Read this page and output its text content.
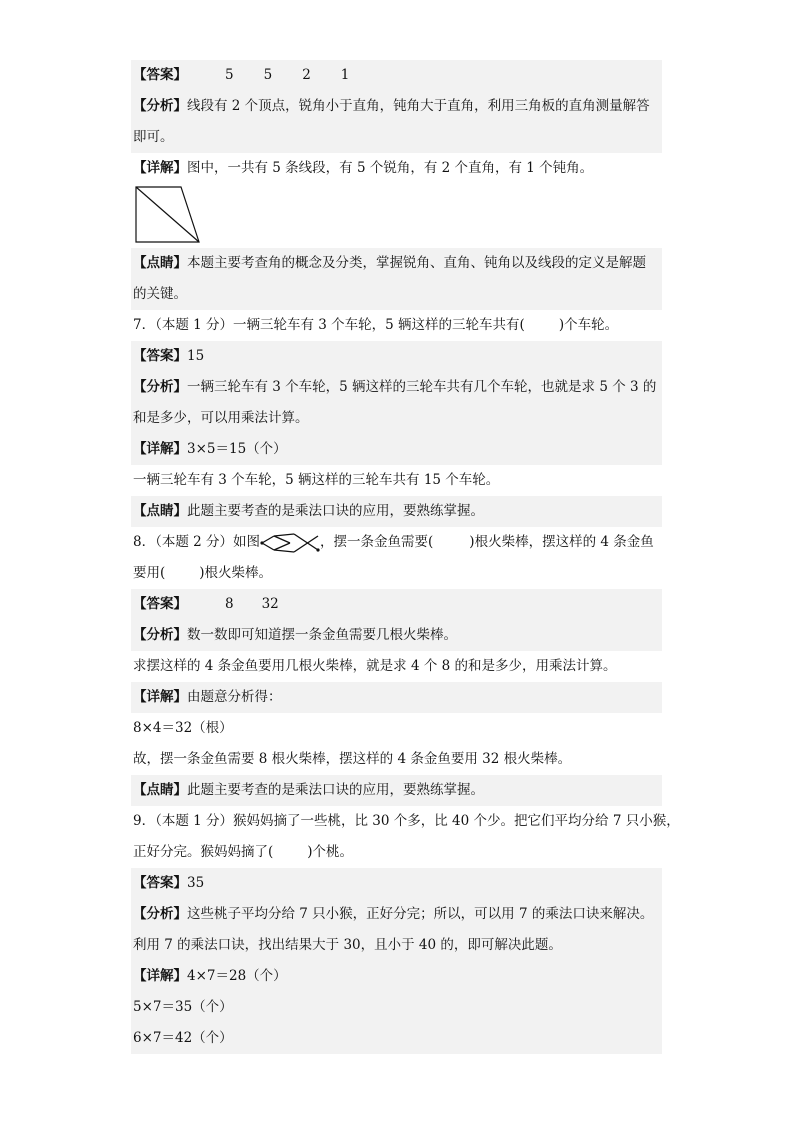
【答案】	5 5 2 1
【分析】线段有 2 个顶点，锐角小于直角，钝角大于直角，利用三角板的直角测量解答
即可。
【详解】图中，一共有 5 条线段，有 5 个锐角，有 2 个直角，有 1 个钝角。
【点睛】本题主要考查角的概念及分类，掌握锐角、直角、钝角以及线段的定义是解题
的关键。
7．（本题 1 分）一辆三轮车有 3 个车轮，5 辆这样的三轮车共有(	)个车轮。
【答案】15
【分析】一辆三轮车有 3 个车轮，5 辆这样的三轮车共有几个车轮，也就是求 5 个 3 的
和是多少，可以用乘法计算。
【详解】3×5＝15（个）
一辆三轮车有 3 个车轮，5 辆这样的三轮车共有 15 个车轮。
【点睛】此题主要考查的是乘法口诀的应用，要熟练掌握。
8．（本题 2 分）如图	，摆一条金鱼需要(	)根火柴棒，摆这样的 4 条金鱼
要用(	)根火柴棒。
【答案】	8 32
【分析】数一数即可知道摆一条金鱼需要几根火柴棒。
求摆这样的 4 条金鱼要用几根火柴棒，就是求 4 个 8 的和是多少，用乘法计算。
【详解】由题意分析得：
8×4＝32（根）
故，摆一条金鱼需要 8 根火柴棒，摆这样的 4 条金鱼要用 32 根火柴棒。
【点睛】此题主要考查的是乘法口诀的应用，要熟练掌握。
9．（本题 1 分）猴妈妈摘了一些桃，比 30 个多，比 40 个少。把它们平均分给 7 只小猴，
正好分完。猴妈妈摘了(	)个桃。
【答案】35
【分析】这些桃子平均分给 7 只小猴，正好分完；所以，可以用 7 的乘法口诀来解决。
利用 7 的乘法口诀，找出结果大于 30，且小于 40 的，即可解决此题。
【详解】4×7＝28（个）
5×7＝35（个）
6×7＝42（个）
